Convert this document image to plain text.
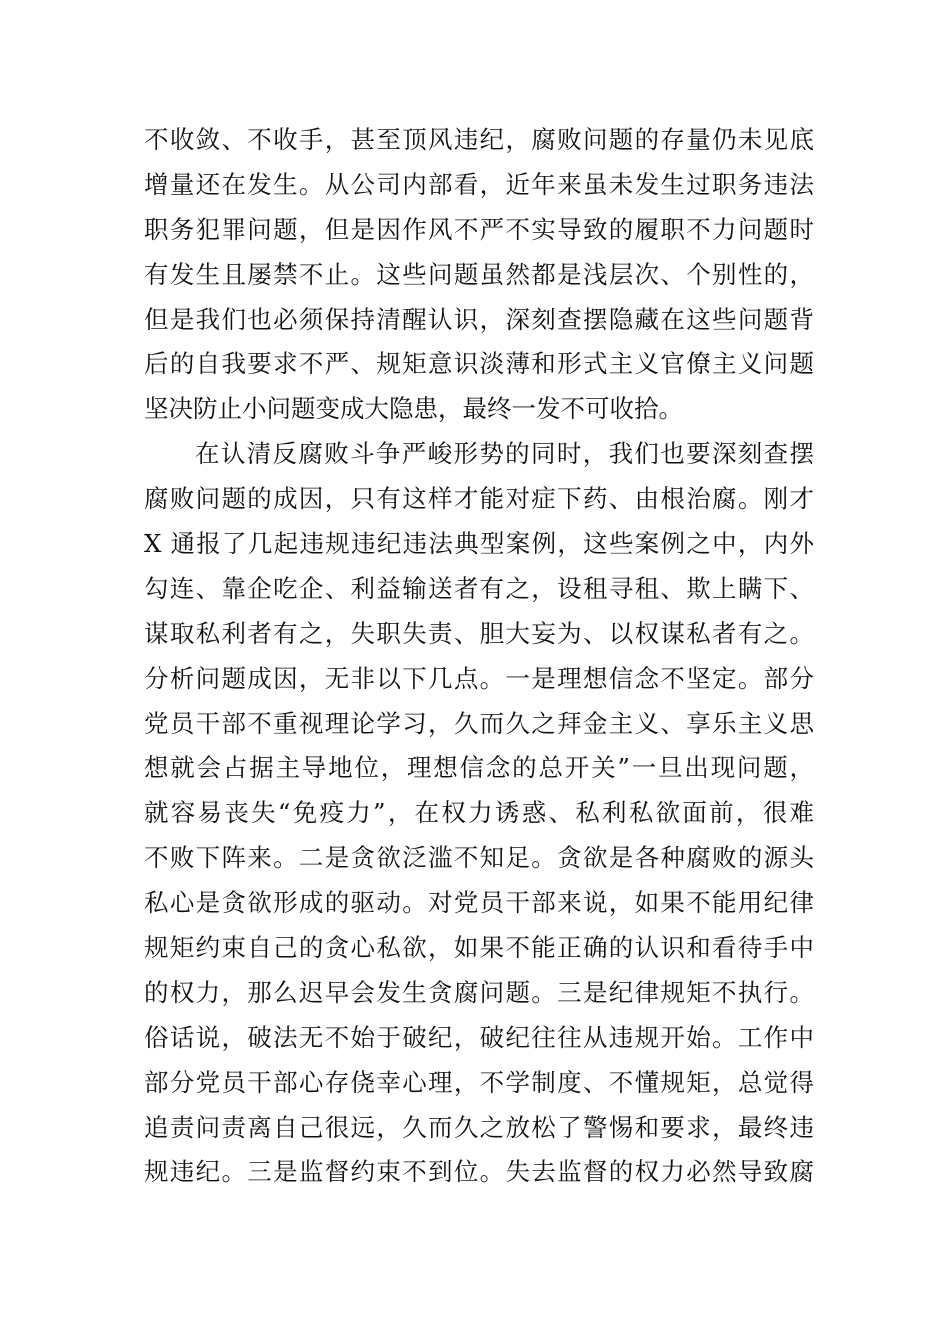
不收敛、不收手，甚至顶风违纪，腐败问题的存量仍未见底
增量还在发生。从公司内部看，近年来虽未发生过职务违法
职务犯罪问题，但是因作风不严不实导致的履职不力问题时
有发生且屡禁不止。这些问题虽然都是浅层次、个别性的，
但是我们也必须保持清醒认识，深刻查摆隐藏在这些问题背
后的自我要求不严、规矩意识淡薄和形式主义官僚主义问题
坚决防止小问题变成大隐患，最终一发不可收拾。
在认清反腐败斗争严峻形势的同时，我们也要深刻查摆
腐败问题的成因，只有这样才能对症下药、由根治腐。刚才
X 通报了几起违规违纪违法典型案例，这些案例之中，内外
勾连、靠企吃企、利益输送者有之，设租寻租、欺上瞒下、
谋取私利者有之，失职失责、胆大妄为、以权谋私者有之。
分析问题成因，无非以下几点。一是理想信念不坚定。部分
党员干部不重视理论学习，久而久之拜金主义、享乐主义思
想就会占据主导地位，理想信念的总开关”一旦出现问题，
就容易丧失“免疫力”，在权力诱惑、私利私欲面前，很难
不败下阵来。二是贪欲泛滥不知足。贪欲是各种腐败的源头
私心是贪欲形成的驱动。对党员干部来说，如果不能用纪律
规矩约束自己的贪心私欲，如果不能正确的认识和看待手中
的权力，那么迟早会发生贪腐问题。三是纪律规矩不执行。
俗话说，破法无不始于破纪，破纪往往从违规开始。工作中
部分党员干部心存侥幸心理，不学制度、不懂规矩，总觉得
追责问责离自己很远，久而久之放松了警惕和要求，最终违
规违纪。三是监督约束不到位。失去监督的权力必然导致腐
